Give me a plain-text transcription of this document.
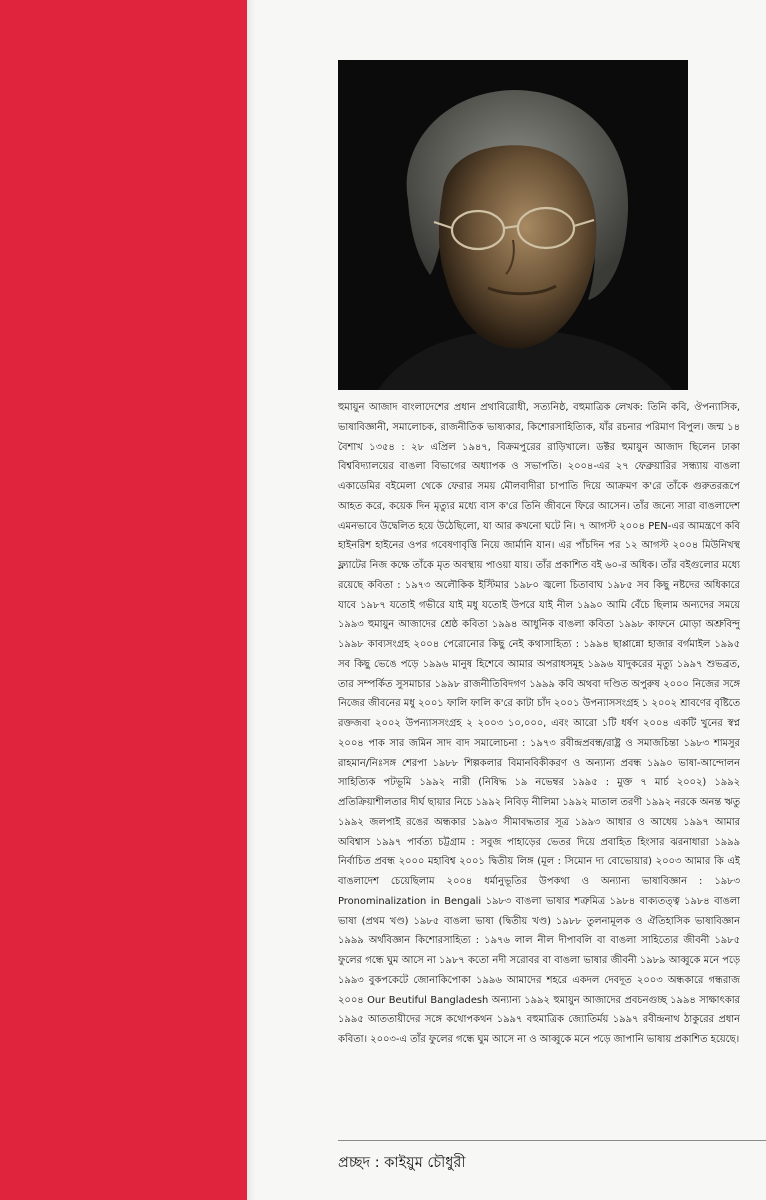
হুমায়ুন আজাদ বাংলাদেশের প্রধান প্রথাবিরোধী, সত্যনিষ্ঠ, বহুমাত্রিক লেখক: তিনি কবি, ঔপন্যাসিক, ভাষাবিজ্ঞানী, সমালোচক, রাজনীতিক ভাষ্যকার, কিশোরসাহিত্যিক, যাঁর রচনার পরিমাণ বিপুল। জন্ম ১৪ বৈশাখ ১৩৫৪ : ২৮ এপ্রিল ১৯৪৭, বিক্রমপুরের রাড়িখালে। ডক্টর হুমায়ুন আজাদ ছিলেন ঢাকা বিশ্ববিদ্যালয়ের বাঙলা বিভাগের অধ্যাপক ও সভাপতি। ২০০৪-এর ২৭ ফেব্রুয়ারির সন্ধ্যায় বাঙলা একাডেমির বইমেলা থেকে ফেরার সময় মৌলবাদীরা চাপাতি দিয়ে আক্রমণ ক'রে তাঁকে গুরুতররূপে আহত করে, কয়েক দিন মৃত্যুর মধ্যে বাস ক'রে তিনি জীবনে ফিরে আসেন। তাঁর জন্যে সারা বাঙলাদেশ এমনভাবে উদ্বেলিত হয়ে উঠেছিলো, যা আর কখনো ঘটে নি। ৭ আগস্ট ২০০৪ PEN-এর আমন্ত্রণে কবি হাইনরিশ হাইনের ওপর গবেষণাবৃত্তি নিয়ে জার্মানি যান। এর পাঁচদিন পর ১২ আগস্ট ২০০৪ মিউনিখস্থ ফ্ল্যাটের নিজ কক্ষে তাঁকে মৃত অবস্থায় পাওয়া যায়। তাঁর প্রকাশিত বই ৬০-র অধিক। তাঁর বইগুলোর মধ্যে রয়েছে কবিতা : ১৯৭৩ অলৌকিক ইস্টিমার ১৯৮০ জ্বলো চিতাবাঘ ১৯৮৫ সব কিছু নষ্টদের অধিকারে যাবে ১৯৮৭ যতোই গভীরে যাই মধু যতোই উপরে যাই নীল ১৯৯০ আমি বেঁচে ছিলাম অন্যদের সময়ে ১৯৯৩ হুমায়ুন আজাদের শ্রেষ্ঠ কবিতা ১৯৯৪ আধুনিক বাঙলা কবিতা ১৯৯৮ কাফনে মোড়া অশ্রুবিন্দু ১৯৯৮ কাব্যসংগ্রহ ২০০৪ পেরোনোর কিছু নেই কথাসাহিত্য : ১৯৯৪ ছাপ্পান্নো হাজার বর্গমাইল ১৯৯৫ সব কিছু ভেঙে পড়ে ১৯৯৬ মানুষ হিশেবে আমার অপরাধসমূহ ১৯৯৬ যাদুকরের মৃত্যু ১৯৯৭ শুভব্রত, তার সম্পর্কিত সুসমাচার ১৯৯৮ রাজনীতিবিদগণ ১৯৯৯ কবি অথবা দণ্ডিত অপুরুষ ২০০০ নিজের সঙ্গে নিজের জীবনের মধু ২০০১ ফালি ফালি ক'রে কাটা চাঁদ ২০০১ উপন্যাসসংগ্রহ ১ ২০০২ শ্রাবণের বৃষ্টিতে রক্তজবা ২০০২ উপন্যাসসংগ্রহ ২ ২০০৩ ১০,০০০, এবং আরো ১টি ধর্ষণ ২০০৪ একটি খুনের স্বপ্ন ২০০৪ পাক সার জমিন সাদ বাদ সমালোচনা : ১৯৭৩ রবীন্দ্রপ্রবন্ধ/রাষ্ট্র ও সমাজচিন্তা ১৯৮৩ শামসুর রাহমান/নিঃসঙ্গ শেরপা ১৯৮৮ শিল্পকলার বিমানবিকীকরণ ও অন্যান্য প্রবন্ধ ১৯৯০ ভাষা-আন্দোলন সাহিত্যিক পটভূমি ১৯৯২ নারী (নিষিদ্ধ ১৯ নভেম্বর ১৯৯৫ : মুক্ত ৭ মার্চ ২০০২) ১৯৯২ প্রতিক্রিয়াশীলতার দীর্ঘ ছায়ার নিচে ১৯৯২ নিবিড় নীলিমা ১৯৯২ মাতাল তরণী ১৯৯২ নরকে অনন্ত ঋতু ১৯৯২ জলপাই রঙের অন্ধকার ১৯৯৩ সীমাবদ্ধতার সূত্র ১৯৯৩ আধার ও আধেয় ১৯৯৭ আমার অবিশ্বাস ১৯৯৭ পার্বত্য চট্টগ্রাম : সবুজ পাহাড়ের ভেতর দিয়ে প্রবাহিত হিংসার ঝরনাধারা ১৯৯৯ নির্বাচিত প্রবন্ধ ২০০০ মহাবিশ্ব ২০০১ দ্বিতীয় লিঙ্গ (মূল : সিমোন দ্য বোভোয়ার) ২০০৩ আমার কি এই বাঙলাদেশ চেয়েছিলাম ২০০৪ ধর্মানুভূতির উপকথা ও অন্যান্য ভাষাবিজ্ঞান : ১৯৮৩ Pronominalization in Bengali ১৯৮৩ বাঙলা ভাষার শত্রুমিত্র ১৯৮৪ বাক্যতত্ত্ব ১৯৮৪ বাঙলা ভাষা (প্রথম খণ্ড) ১৯৮৫ বাঙলা ভাষা (দ্বিতীয় খণ্ড) ১৯৮৮ তুলনামূলক ও ঐতিহাসিক ভাষাবিজ্ঞান ১৯৯৯ অর্থবিজ্ঞান কিশোরসাহিত্য : ১৯৭৬ লাল নীল দীপাবলি বা বাঙলা সাহিত্যের জীবনী ১৯৮৫ ফুলের গন্ধে ঘুম আসে না ১৯৮৭ কতো নদী সরোবর বা বাঙলা ভাষার জীবনী ১৯৮৯ আব্বুকে মনে পড়ে ১৯৯৩ বুকপকেটে জোনাকিপোকা ১৯৯৬ আমাদের শহরে একদল দেবদূত ২০০৩ অন্ধকারে গন্ধরাজ ২০০৪ Our Beutiful Bangladesh অন্যান্য ১৯৯২ হুমায়ুন আজাদের প্রবচনগুচ্ছ ১৯৯৪ সাক্ষাৎকার ১৯৯৫ আততায়ীদের সঙ্গে কথোপকথন ১৯৯৭ বহুমাত্রিক জ্যোতির্ময় ১৯৯৭ রবীন্দ্রনাথ ঠাকুরের প্রধান কবিতা। ২০০৩-এ তাঁর ফুলের গন্ধে ঘুম আসে না ও আব্বুকে মনে পড়ে জাপানি ভাষায় প্রকাশিত হয়েছে।

প্রচ্ছদ : কাইয়ুম চৌধুরী
